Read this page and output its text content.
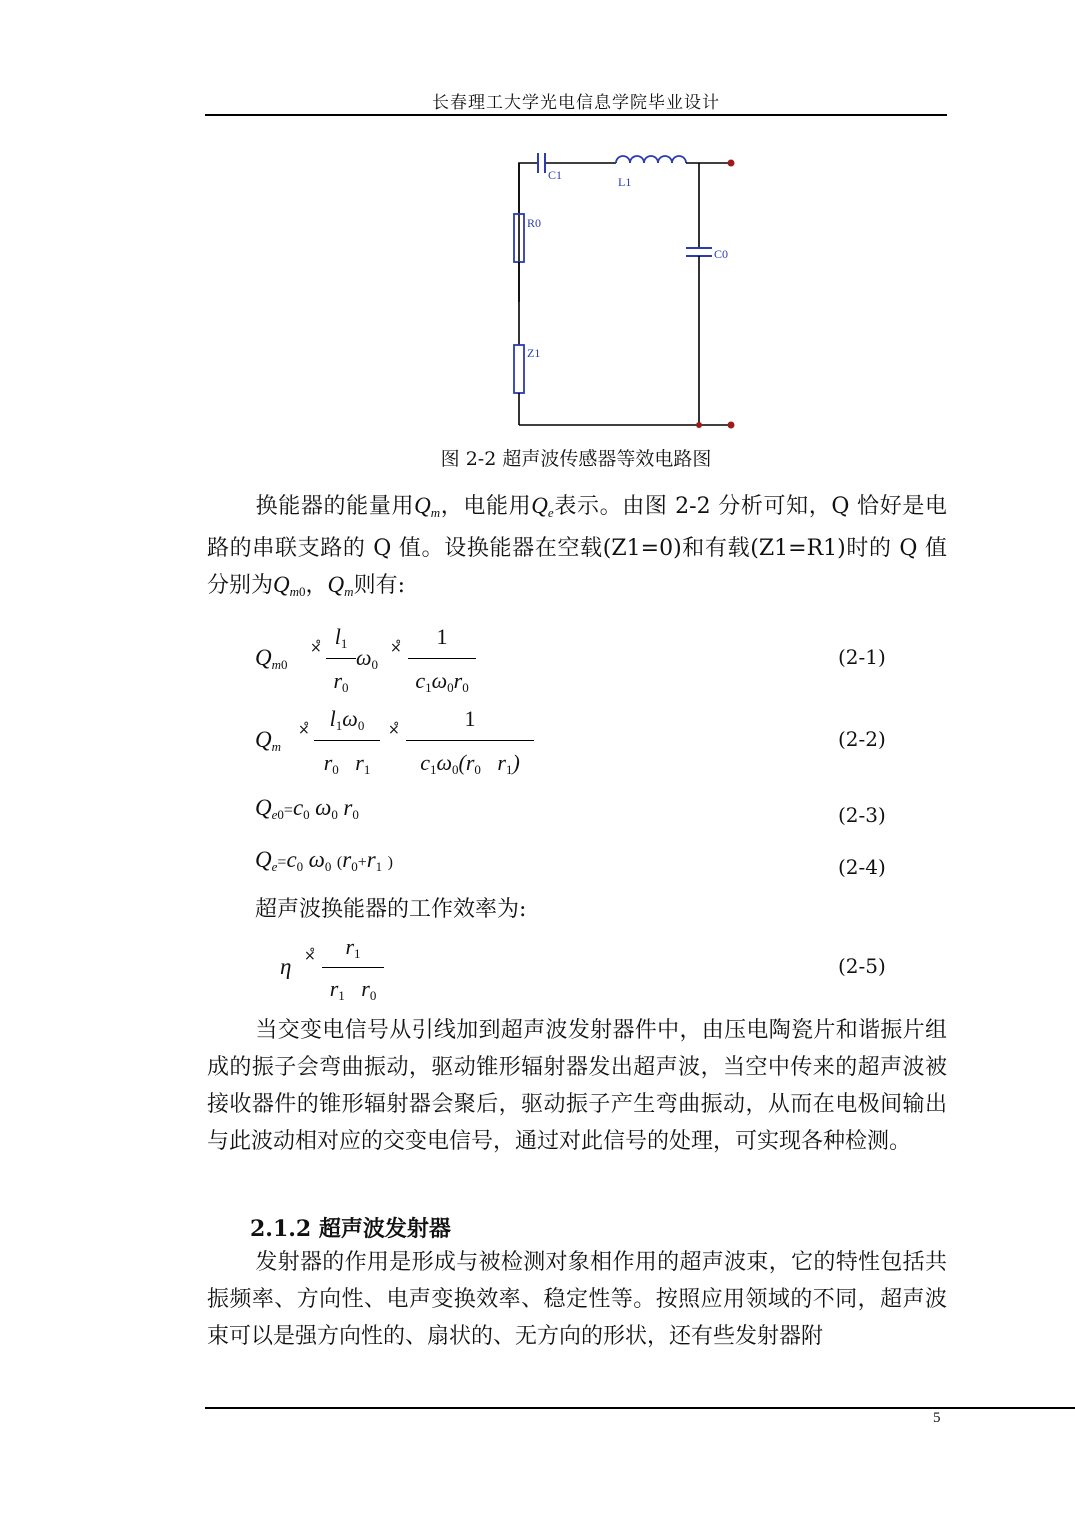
长春理工大学光电信息学院毕业设计
C1	L1
R0
C0
Z1
图 2-2 超声波传感器等效电路图
换能器的能量用$Q_m$，电能用$Q_e$表示。由图 2-2 分析可知，Q 恰好是电路的串联支路的 Q 值。设换能器在空载(Z1=0)和有载(Z1=R1)时的 Q 值分别为$Q_m0$，$Q_m$则有:
$Q_m0$
×̊ l1
r0
ω0
×̊	1
c1ω0r0
(2-1)
$Q_m$
×̊ l1ω0
r0   r1
×̊	1
c1ω0(r0   r1)
(2-2)
$Q_e0=c0$ ω0 r0	(2-3)
$Q_e=c0$ ω0 (r0+r1 )	(2-4)
超声波换能器的工作效率为:
η ×̊	r1
r1   r0
(2-5)
当交变电信号从引线加到超声波发射器件中，由压电陶瓷片和谐振片组成的振子会弯曲振动，驱动锥形辐射器发出超声波，当空中传来的超声波被接收器件的锥形辐射器会聚后，驱动振子产生弯曲振动，从而在电极间输出与此波动相对应的交变电信号，通过对此信号的处理，可实现各种检测。
2.1.2 超声波发射器
发射器的作用是形成与被检测对象相作用的超声波束，它的特性包括共振频率、方向性、电声变换效率、稳定性等。按照应用领域的不同，超声波束可以是强方向性的、扇状的、无方向的形状，还有些发射器附
5
